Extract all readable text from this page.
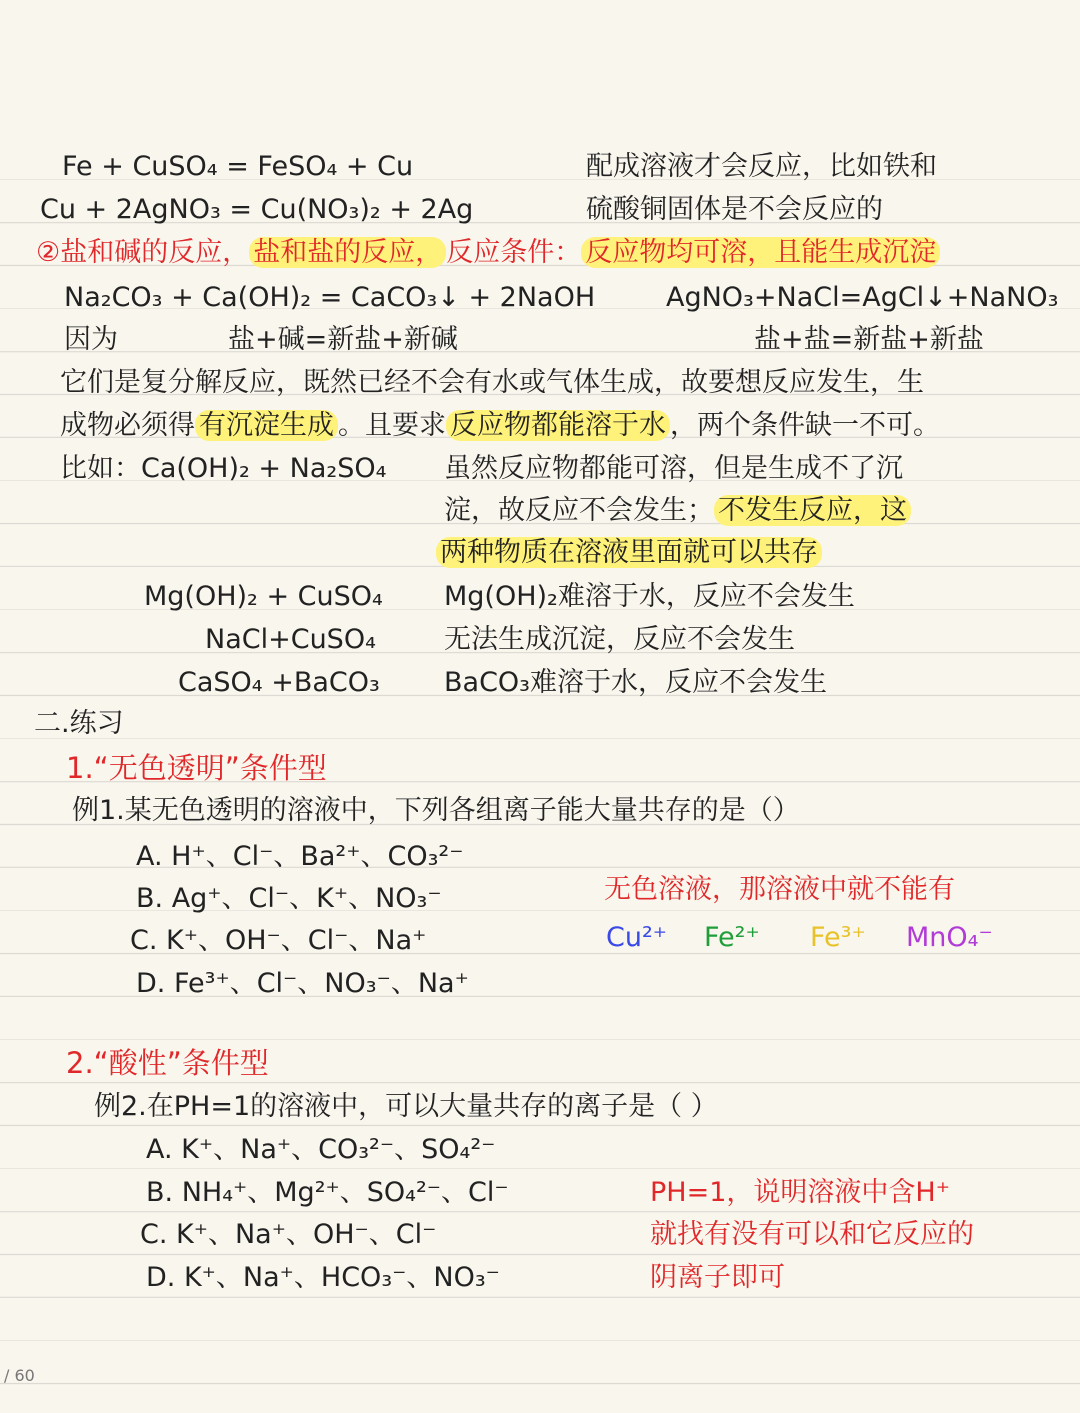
Fe + CuSO₄ = FeSO₄ + Cu	配成溶液才会反应，比如铁和
Cu + 2AgNO₃ = Cu(NO₃)₂ + 2Ag	硫酸铜固体是不会反应的
②盐和碱的反应， 盐和盐的反应， 反应条件： 反应物均可溶，且能生成沉淀
Na₂CO₃ + Ca(OH)₂ = CaCO₃↓ + 2NaOH	AgNO₃+NaCl=AgCl↓+NaNO₃
因为	盐+碱=新盐+新碱	盐+盐=新盐+新盐
它们是复分解反应，既然已经不会有水或气体生成，故要想反应发生，生
成物必须得 有沉淀生成 。且要求 反应物都能溶于水 ，两个条件缺一不可。
比如：Ca(OH)₂ + Na₂SO₄ 虽然反应物都能可溶，但是生成不了沉
淀，故反应不会发生； 不发生反应，这
两种物质在溶液里面就可以共存
Mg(OH)₂ + CuSO₄ Mg(OH)₂难溶于水，反应不会发生
NaCl+CuSO₄	无法生成沉淀，反应不会发生
CaSO₄ +BaCO₃ BaCO₃难溶于水，反应不会发生
二.练习
1.“无色透明”条件型
例1.某无色透明的溶液中，下列各组离子能大量共存的是（）
A. H⁺、Cl⁻、Ba²⁺、CO₃²⁻
B. Ag⁺、Cl⁻、K⁺、NO₃⁻
C. K⁺、OH⁻、Cl⁻、Na⁺
D. Fe³⁺、Cl⁻、NO₃⁻、Na⁺
无色溶液，那溶液中就不能有
Cu²⁺ Fe²⁺ Fe³⁺ MnO₄⁻
2.“酸性”条件型
例2.在PH=1的溶液中，可以大量共存的离子是（ ）
A. K⁺、Na⁺、CO₃²⁻、SO₄²⁻
B. NH₄⁺、Mg²⁺、SO₄²⁻、Cl⁻
C. K⁺、Na⁺、OH⁻、Cl⁻
D. K⁺、Na⁺、HCO₃⁻、NO₃⁻
PH=1，说明溶液中含H⁺
就找有没有可以和它反应的
阴离子即可
/ 60
